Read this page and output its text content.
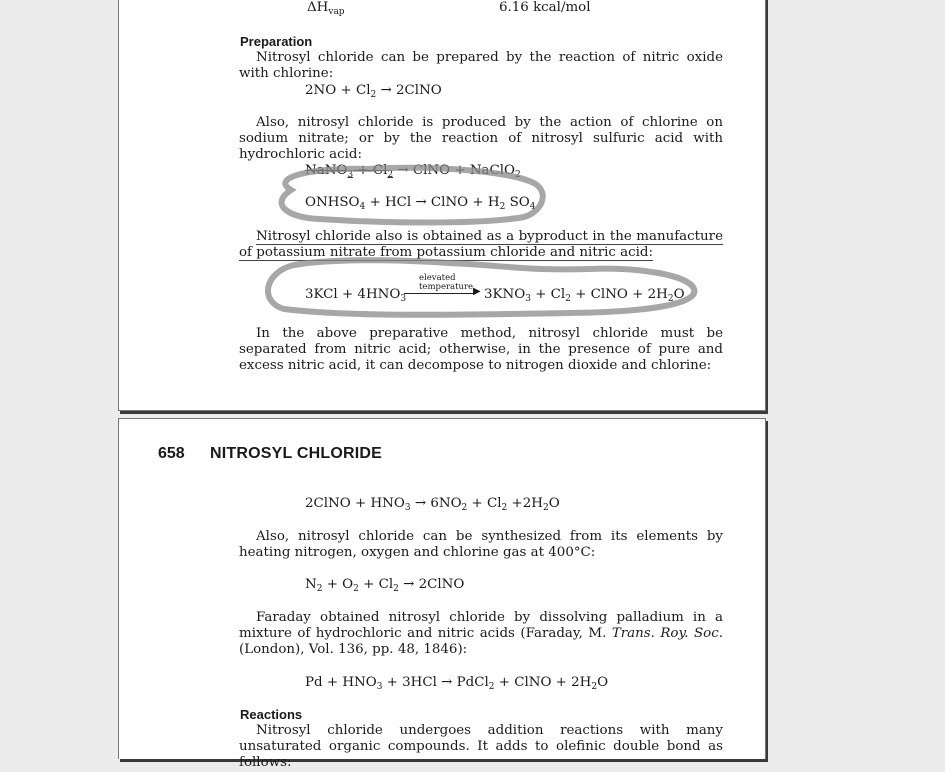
$\Delta H_{vap}$	6.16 kcal/mol
Preparation
Nitrosyl chloride can be prepared by the reaction of nitric oxide with chlorine:
$2NO + Cl_2$ → 2ClNO
Also, nitrosyl chloride is produced by the action of chlorine on sodium nitrate; or by the reaction of nitrosyl sulfuric acid with hydrochloric acid:
NaNO$_3$ + $Cl_2$ → ClNO + NaClO$_2$
$ONHSO_4$ + HCl → ClNO + $H_2$ $SO_4$
Nitrosyl chloride also is obtained as a byproduct in the manufacture of potassium nitrate from potassium chloride and nitric acid:
$3KCl + 4HNO_3$
elevated
temperature ▶ $3KNO_3 + Cl_2$ + ClNO + $2H_2O$
In the above preparative method, nitrosyl chloride must be separated from nitric acid; otherwise, in the presence of pure and excess nitric acid, it can decompose to nitrogen dioxide and chlorine:
658 NITROSYL CHLORIDE
2ClNO + $HNO_3 \to 6NO_2 + Cl_2 +2H_2O$
Also, nitrosyl chloride can be synthesized from its elements by heating nitrogen, oxygen and chlorine gas at 400°C:
$N_2 + O_2 + Cl_2$ → 2ClNO
Faraday obtained nitrosyl chloride by dissolving palladium in a mixture of hydrochloric and nitric acids (Faraday, M. Trans. Roy. Soc. (London), Vol. 136, pp. 48, 1846):
$Pd + HNO_3 + 3HCl$ → PdCl$_2$ + ClNO + $2H_2O$
Reactions
Nitrosyl chloride undergoes addition reactions with many unsaturated organic compounds. It adds to olefinic double bond as follows:
